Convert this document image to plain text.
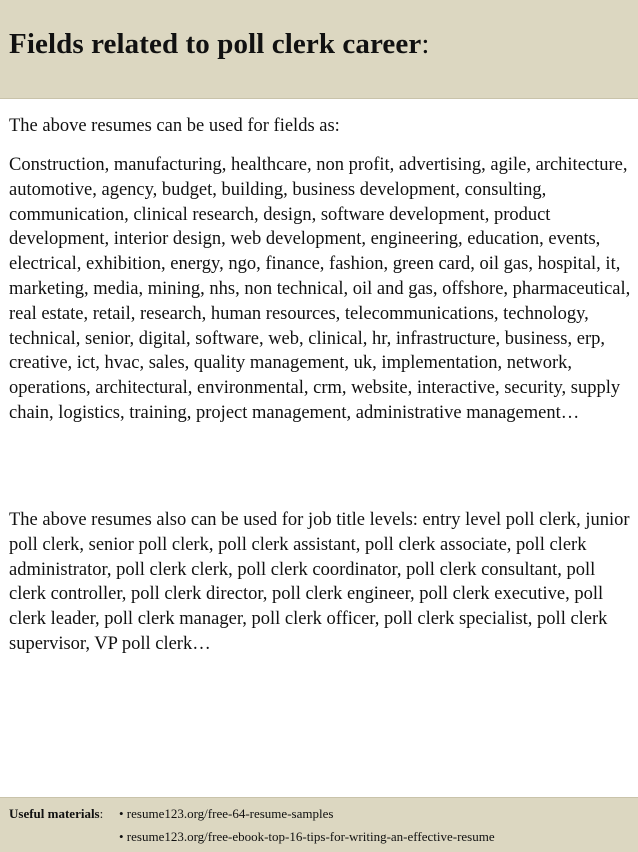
Fields related to poll clerk career:
The above resumes can be used for fields as:
Construction, manufacturing, healthcare, non profit, advertising, agile, architecture, automotive, agency, budget, building, business development, consulting, communication, clinical research, design, software development, product development, interior design, web development, engineering, education, events, electrical, exhibition, energy, ngo, finance, fashion, green card, oil gas, hospital, it, marketing, media, mining, nhs, non technical, oil and gas, offshore, pharmaceutical, real estate, retail, research, human resources, telecommunications, technology, technical, senior, digital, software, web, clinical, hr, infrastructure, business, erp, creative, ict, hvac, sales, quality management, uk, implementation, network, operations, architectural, environmental, crm, website, interactive, security, supply chain, logistics, training, project management, administrative management…
The above resumes also can be used for job title levels: entry level poll clerk, junior poll clerk, senior poll clerk, poll clerk assistant, poll clerk associate, poll clerk administrator, poll clerk clerk, poll clerk coordinator, poll clerk consultant, poll clerk controller, poll clerk director, poll clerk engineer, poll clerk executive, poll clerk leader, poll clerk manager, poll clerk officer, poll clerk specialist, poll clerk supervisor, VP poll clerk…
Useful materials: • resume123.org/free-64-resume-samples
• resume123.org/free-ebook-top-16-tips-for-writing-an-effective-resume
